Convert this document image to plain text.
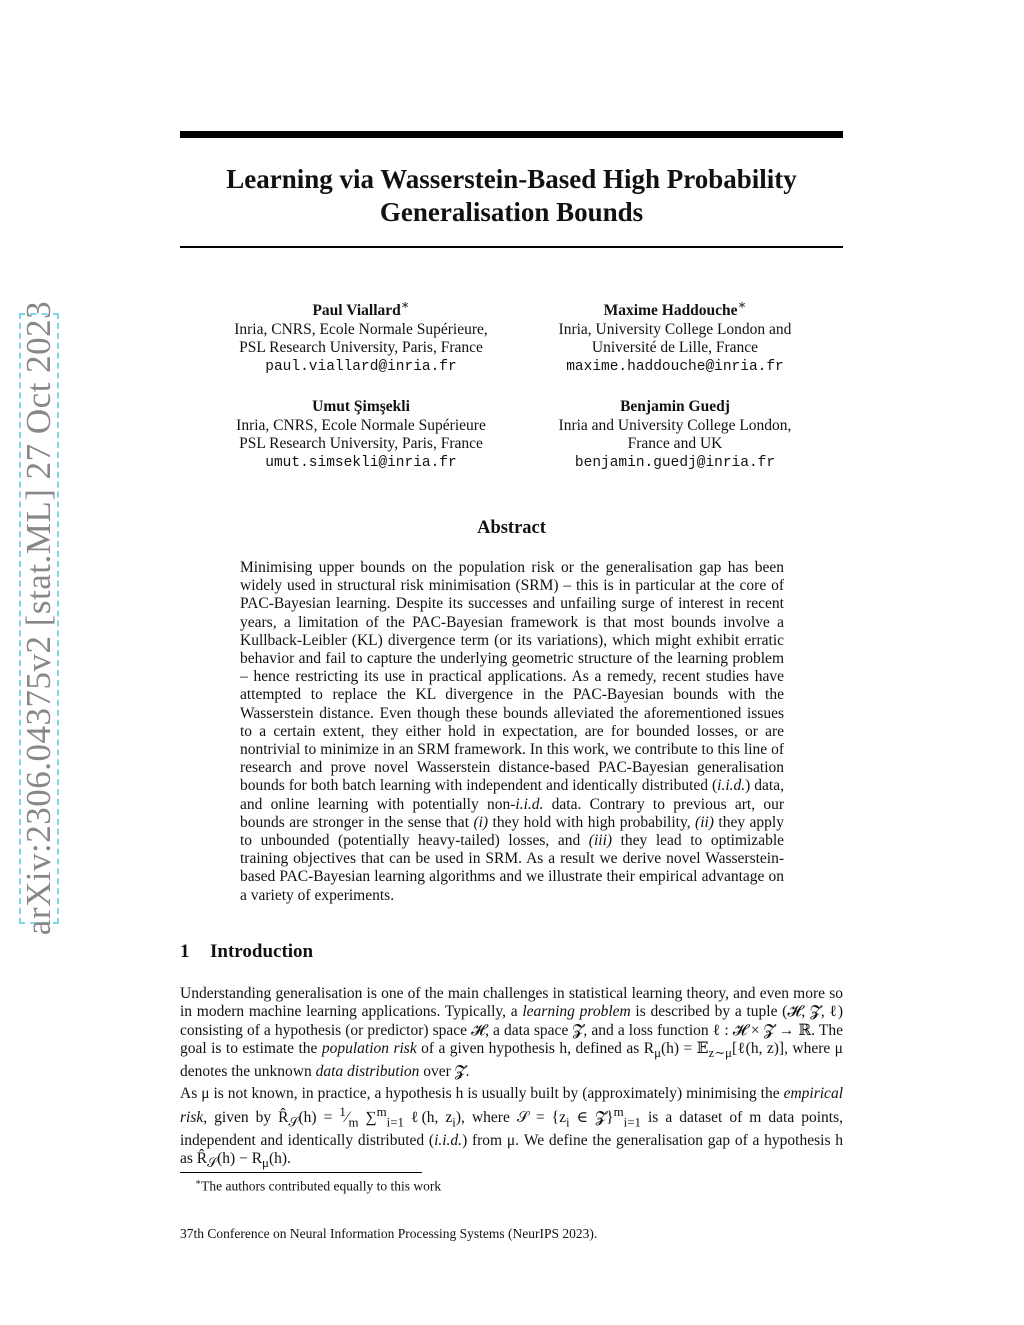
arXiv:2306.04375v2 [stat.ML] 27 Oct 2023
Learning via Wasserstein-Based High Probability
Generalisation Bounds
Paul Viallard∗
Inria, CNRS, Ecole Normale Supérieure,
PSL Research University, Paris, France
paul.viallard@inria.fr
Maxime Haddouche∗
Inria, University College London and
Université de Lille, France
maxime.haddouche@inria.fr
Umut Şimşekli
Inria, CNRS, Ecole Normale Supérieure
PSL Research University, Paris, France
umut.simsekli@inria.fr
Benjamin Guedj
Inria and University College London,
France and UK
benjamin.guedj@inria.fr
Abstract

Minimising upper bounds on the population risk or the generalisation gap has been widely used in structural risk minimisation (SRM) – this is in particular at the core of PAC-Bayesian learning. Despite its successes and unfailing surge of interest in recent years, a limitation of the PAC-Bayesian framework is that most bounds involve a Kullback-Leibler (KL) divergence term (or its variations), which might exhibit erratic behavior and fail to capture the underlying geometric structure of the learning problem – hence restricting its use in practical applications. As a remedy, recent studies have attempted to replace the KL divergence in the PAC-Bayesian bounds with the Wasserstein distance. Even though these bounds alleviated the aforementioned issues to a certain extent, they either hold in expectation, are for bounded losses, or are nontrivial to minimize in an SRM framework. In this work, we contribute to this line of research and prove novel Wasserstein distance-based PAC-Bayesian generalisation bounds for both batch learning with independent and identically distributed (i.i.d.) data, and online learning with potentially non-i.i.d. data. Contrary to previous art, our bounds are stronger in the sense that (i) they hold with high probability, (ii) they apply to unbounded (potentially heavy-tailed) losses, and (iii) they lead to optimizable training objectives that can be used in SRM. As a result we derive novel Wasserstein-based PAC-Bayesian learning algorithms and we illustrate their empirical advantage on a variety of experiments.

1 Introduction

Understanding generalisation is one of the main challenges in statistical learning theory, and even more so in modern machine learning applications. Typically, a learning problem is described by a tuple (𝓗, 𝓩, ℓ) consisting of a hypothesis (or predictor) space 𝓗, a data space 𝓩, and a loss function ℓ : 𝓗 × 𝓩 → ℝ. The goal is to estimate the population risk of a given hypothesis h, defined as $R_\mu(h)$ = 𝔼$_{z\sim\mu}$[ℓ(h, z)], where μ denotes the unknown data distribution over 𝓩.

As μ is not known, in practice, a hypothesis h is usually built by (approximately) minimising the empirical risk, given by $R̂_𝒮(h)$ = $^1⁄_m$ ∑$^m_{i=1}$ ℓ(h, $z_i$), where 𝒮 = {$z_i$ ∈ 𝓩}$^m_{i=1}$ is a dataset of m data points, independent and identically distributed (i.i.d.) from μ. We define the generalisation gap of a hypothesis h as $R̂_𝒮(h) - R_\mu(h)$.

∗The authors contributed equally to this work
37th Conference on Neural Information Processing Systems (NeurIPS 2023).
